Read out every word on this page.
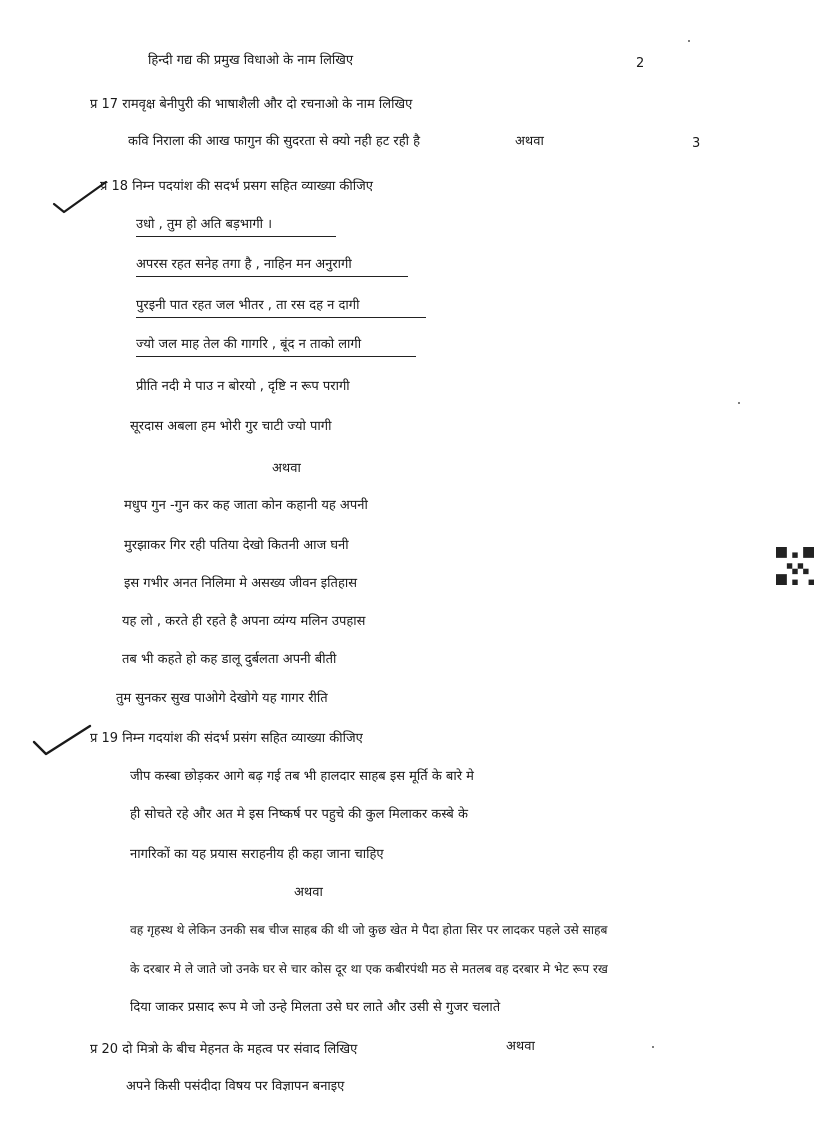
हिन्दी गद्य की प्रमुख विधाओ के नाम लिखिए	2
प्र 17 रामवृक्ष बेनीपुरी की भाषाशैली और दो रचनाओ के नाम लिखिए
कवि निराला की आख फागुन की सुदरता से क्यो नही हट रही है	अथवा	3
प्र 18 निम्न पदयांश की सदर्भ प्रसग सहित व्याख्या कीजिए
उधो , तुम हो अति बड़भागी ।
अपरस रहत सनेह तगा है , नाहिन मन अनुरागी
पुरइनी पात रहत जल भीतर , ता रस दह न दागी
ज्यो जल माह तेल की गागरि , बूंद न ताको लागी
प्रीति नदी मे पाउ न बोरयो , दृष्टि न रूप परागी
सूरदास अबला हम भोरी गुर चाटी ज्यो पागी
अथवा
मधुप गुन -गुन कर कह जाता कोन कहानी यह अपनी
मुरझाकर गिर रही पतिया देखो कितनी आज घनी
इस गभीर अनत निलिमा मे असख्य जीवन इतिहास
यह लो , करते ही रहते है अपना व्यंग्य मलिन उपहास
तब भी कहते हो कह डालू दुर्बलता अपनी बीती
तुम सुनकर सुख पाओगे देखोगे यह गागर रीति
प्र 19 निम्न गदयांश की संदर्भ प्रसंग सहित व्याख्या कीजिए
जीप कस्बा छोड़कर आगे बढ़ गई तब भी हालदार साहब इस मूर्ति के बारे मे
ही सोचते रहे और अत मे इस निष्कर्ष पर पहुचे की कुल मिलाकर कस्बे के
नागरिकों का यह प्रयास सराहनीय ही कहा जाना चाहिए
अथवा
वह गृहस्थ थे लेकिन उनकी सब चीज साहब की थी जो कुछ खेत मे पैदा होता सिर पर लादकर पहले उसे साहब
के दरबार मे ले जाते जो उनके घर से चार कोस दूर था एक कबीरपंथी मठ से मतलब वह दरबार मे भेट रूप रख
दिया जाकर प्रसाद रूप मे जो उन्हे मिलता उसे घर लाते और उसी से गुजर चलाते
प्र 20 दो मित्रो के बीच मेहनत के महत्व पर संवाद लिखिए	अथवा
अपने किसी पसंदीदा विषय पर विज्ञापन बनाइए
